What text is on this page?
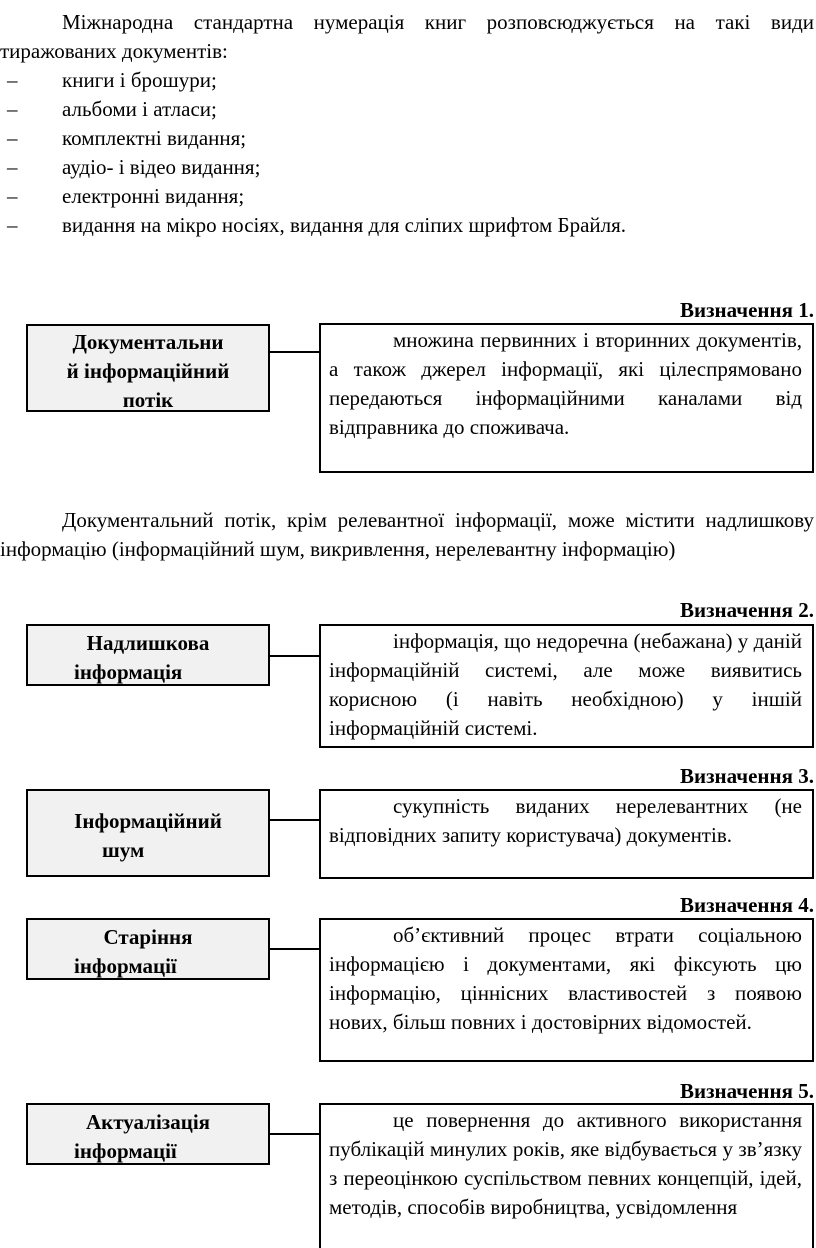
Міжнародна стандартна нумерація книг розповсюджується на такі види тиражованих документів:

– книги і брошури;
– альбоми і атласи;
– комплектні видання;
– аудіо- і відео видання;
– електронні видання;
– видання на мікро носіях, видання для сліпих шрифтом Брайля.
Визначення 1.
Документальни
й інформаційний
потік
множина первинних і вторинних документів, а також джерел інформації, які цілеспрямовано передаються інформаційними каналами від відправника до споживача.

Документальний потік, крім релевантної інформації, може містити надлишкову інформацію (інформаційний шум, викривлення, нерелевантну інформацію)

Визначення 2.
Надлишкова
інформація
інформація, що недоречна (небажана) у даній інформаційній системі, але може виявитись корисною (і навіть необхідною) у іншій інформаційній системі.
Визначення 3.
Інформаційний
шум
сукупність виданих нерелевантних (не відповідних запиту користувача) документів.
Визначення 4.
Старіння
інформації
об’єктивний процес втрати соціальною інформацією і документами, які фіксують цю інформацію, ціннісних властивостей з появою нових, більш повних і достовірних відомостей.
Визначення 5.
Актуалізація
інформації
це повернення до активного використання публікацій минулих років, яке відбувається у зв’язку з переоцінкою суспільством певних концепцій, ідей, методів, способів виробництва, усвідомлення
